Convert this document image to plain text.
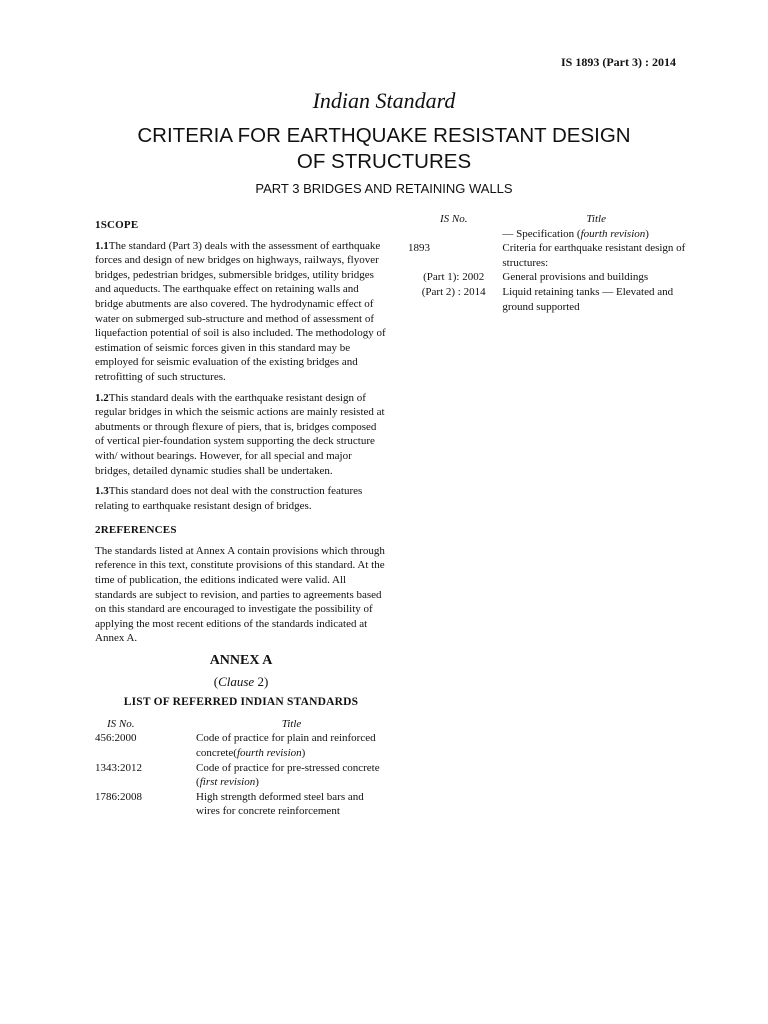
IS 1893 (Part 3) : 2014
Indian Standard
CRITERIA FOR EARTHQUAKE RESISTANT DESIGN
OF STRUCTURES
PART 3 BRIDGES AND RETAINING WALLS
1SCOPE

1.1The standard (Part 3) deals with the assessment of earthquake forces and design of new bridges on highways, railways, flyover bridges, pedestrian bridges, submersible bridges, utility bridges and aqueducts. The earthquake effect on retaining walls and bridge abutments are also covered. The hydrodynamic effect of water on submerged sub-structure and method of assessment of liquefaction potential of soil is also included. The methodology of estimation of seismic forces given in this standard may be employed for seismic evaluation of the existing bridges and retrofitting of such structures.

1.2This standard deals with the earthquake resistant design of regular bridges in which the seismic actions are mainly resisted at abutments or through flexure of piers, that is, bridges composed of vertical pier-foundation system supporting the deck structure with/ without bearings. However, for all special and major bridges, detailed dynamic studies shall be undertaken.

1.3This standard does not deal with the construction features relating to earthquake resistant design of bridges.

2REFERENCES

The standards listed at Annex A contain provisions which through reference in this text, constitute provisions of this standard. At the time of publication, the editions indicated were valid. All standards are subject to revision, and parties to agreements based on this standard are encouraged to investigate the possibility of applying the most recent editions of the standards indicated at Annex A.

ANNEX A
(Clause 2)
LIST OF REFERRED INDIAN STANDARDS
IS No.	Title
456:2000	Code of practice for plain and reinforced concrete(fourth revision)
1343:2012	Code of practice for pre-stressed concrete (first revision)
1786:2008	High strength deformed steel bars and wires for concrete reinforcement
IS No.	Title
	— Specification (fourth revision)
1893	Criteria for earthquake resistant design of structures:
(Part 1): 2002	General provisions and buildings
(Part 2) : 2014	Liquid retaining tanks — Elevated and ground supported
